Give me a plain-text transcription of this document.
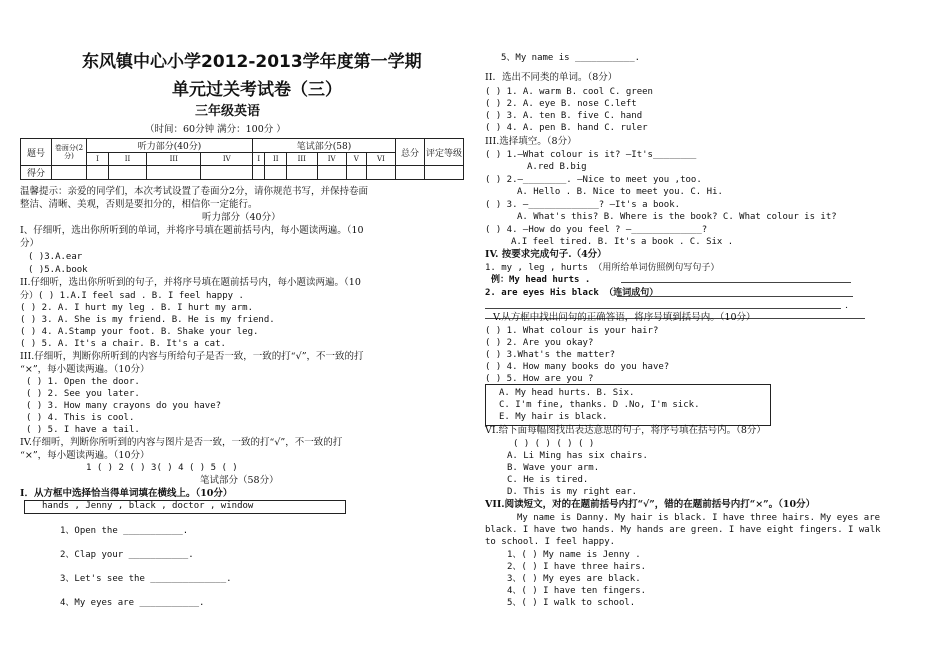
东风镇中心小学2012-2013学年度第一学期
单元过关考试卷（三）
三年级英语
（时间：60分钟 满分：100分 ）
题号	卷面分(2分)	听力部分(40分)				笔试部分(58)						总分	评定等级
		I	II	III	IV	I	II	III	IV	V	VI		
得分													
温馨提示：亲爱的同学们，本次考试设置了卷面分2分，请你规范书写，并保持卷面
整洁、清晰、美观，否则是要扣分的，相信你一定能行。
听力部分（40分）
I、仔细听，选出你所听到的单词，并将序号填在题前括号内，每小题读两遍。（10
分）
( )3.A.ear
( )5.A.book
II.仔细听，选出你所听到的句子，并将序号填在题前括号内，每小题读两遍。（10
分）( ) 1.A.I feel sad . B. I feel happy .
( ) 2. A. I hurt my leg . B. I hurt my arm.
( ) 3. A. She is my friend. B. He is my friend.
( ) 4. A.Stamp your foot. B. Shake your leg.
( ) 5. A. It's a chair. B. It's a cat.
III.仔细听，判断你所听到的内容与所给句子是否一致，一致的打“√”，不一致的打
“×”，每小题读两遍。（10分）
( ) 1. Open the door.
( ) 2. See you later.
( ) 3. How many crayons do you have?
( ) 4. This is cool.
( ) 5. I have a tail.
IV.仔细听，判断你所听到的内容与图片是否一致，一致的打“√”，不一致的打
“×”，每小题读两遍。（10分）
1 ( ) 2 ( ) 3( ) 4 ( ) 5 ( )
笔试部分（58分）
I．从方框中选择恰当得单词填在横线上。（10分）
hands , Jenny , black , doctor , window
1、Open the ___________.
2、Clap your ___________.
3、Let's see the ______________.
4、My eyes are ___________.
5、My name is ___________.
II．选出不同类的单词。（8分）
( ) 1. A. warm B. cool C. green
( ) 2. A. eye B. nose C.left
( ) 3. A. ten B. five C. hand
( ) 4. A. pen B. hand C. ruler
III.选择填空。（8分）
( ) 1.—What colour is it? —It's________
A.red B.big
( ) 2.—________. —Nice to meet you ,too.
A. Hello . B. Nice to meet you. C. Hi.
( ) 3. —_____________? —It's a book.
A. What's this? B. Where is the book? C. What colour is it?
( ) 4. —How do you feel ? —_____________?
A.I feel tired. B. It's a book . C. Six .
IV. 按要求完成句子.（4分）
1. my , leg , hurts （用所给单词仿照例句写句子）
例：My head hurts .
2. are eyes His black （连词成句）
.
V.从方框中找出问句的正确答语，将序号填到括号内。（10分）
( ) 1. What colour is your hair?
( ) 2. Are you okay?
( ) 3.What's the matter?
( ) 4. How many books do you have?
( ) 5. How are you ?
A. My head hurts. B. Six.
C. I'm fine, thanks. D .No, I'm sick.
E. My hair is black.
VI.给下面每幅图找出表达意思的句子，将序号填在括号内。（8分）
( ) ( ) ( ) ( )
A. Li Ming has six chairs.
B. Wave your arm.
C. He is tired.
D. This is my right ear.
VII.阅读短文，对的在题前括号内打“√”，错的在题前括号内打“×”。（10分）
My name is Danny. My hair is black. I have three hairs. My eyes are
black. I have two hands. My hands are green. I have eight fingers. I walk
to school. I feel happy.
1、( ) My name is Jenny .
2、( ) I have three hairs.
3、( ) My eyes are black.
4、( ) I have ten fingers.
5、( ) I walk to school.
